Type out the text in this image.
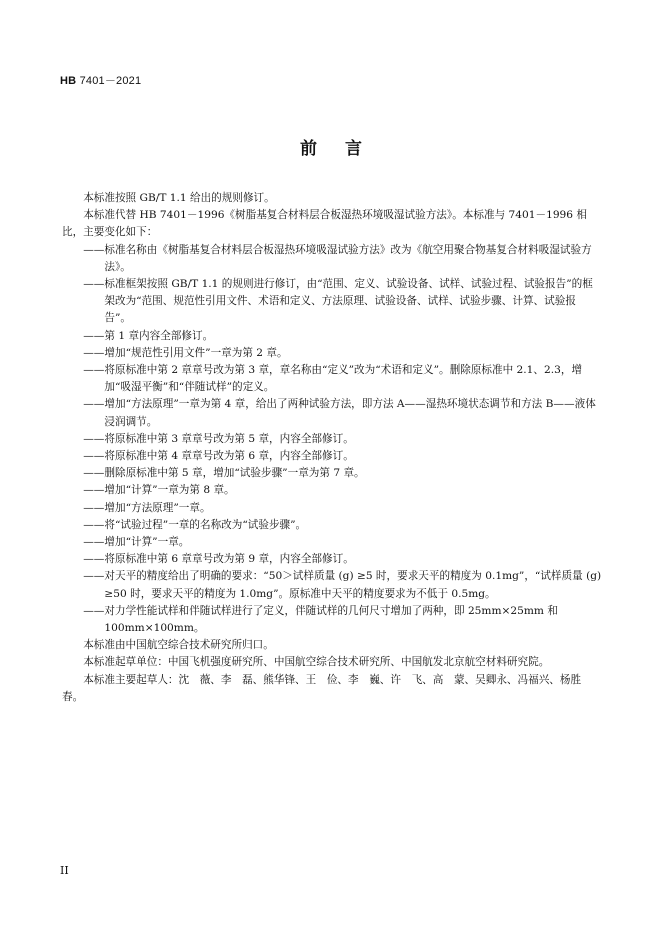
HB 7401－2021
前言

本标准按照 GB/T 1.1 给出的规则修订。

本标准代替 HB 7401－1996《树脂基复合材料层合板湿热环境吸湿试验方法》。本标准与 7401－1996 相比，主要变化如下：

——标准名称由《树脂基复合材料层合板湿热环境吸湿试验方法》改为《航空用聚合物基复合材料吸湿试验方法》。

——标准框架按照 GB/T 1.1 的规则进行修订，由“范围、定义、试验设备、试样、试验过程、试验报告”的框架改为“范围、规范性引用文件、术语和定义、方法原理、试验设备、试样、试验步骤、计算、试验报告”。

——第 1 章内容全部修订。

——增加“规范性引用文件”一章为第 2 章。

——将原标准中第 2 章章号改为第 3 章，章名称由“定义”改为“术语和定义”。删除原标准中 2.1、2.3，增加“吸湿平衡”和“伴随试样”的定义。

——增加“方法原理”一章为第 4 章，给出了两种试验方法，即方法 A——湿热环境状态调节和方法 B——液体浸润调节。

——将原标准中第 3 章章号改为第 5 章，内容全部修订。

——将原标准中第 4 章章号改为第 6 章，内容全部修订。

——删除原标准中第 5 章，增加“试验步骤”一章为第 7 章。

——增加“计算”一章为第 8 章。

——增加“方法原理”一章。

——将“试验过程”一章的名称改为“试验步骤”。

——增加“计算”一章。

——将原标准中第 6 章章号改为第 9 章，内容全部修订。

——对天平的精度给出了明确的要求：“50＞试样质量 (g) ≥5 时，要求天平的精度为 0.1mg”，“试样质量 (g) ≥50 时，要求天平的精度为 1.0mg”。原标准中天平的精度要求为不低于 0.5mg。

——对力学性能试样和伴随试样进行了定义，伴随试样的几何尺寸增加了两种，即 25mm×25mm 和 100mm×100mm。

本标准由中国航空综合技术研究所归口。

本标准起草单位：中国飞机强度研究所、中国航空综合技术研究所、中国航发北京航空材料研究院。

本标准主要起草人：沈　薇、李　磊、熊华锋、王　俭、李　巍、许　飞、高　蒙、吴卿永、冯福兴、杨胜春。

II
